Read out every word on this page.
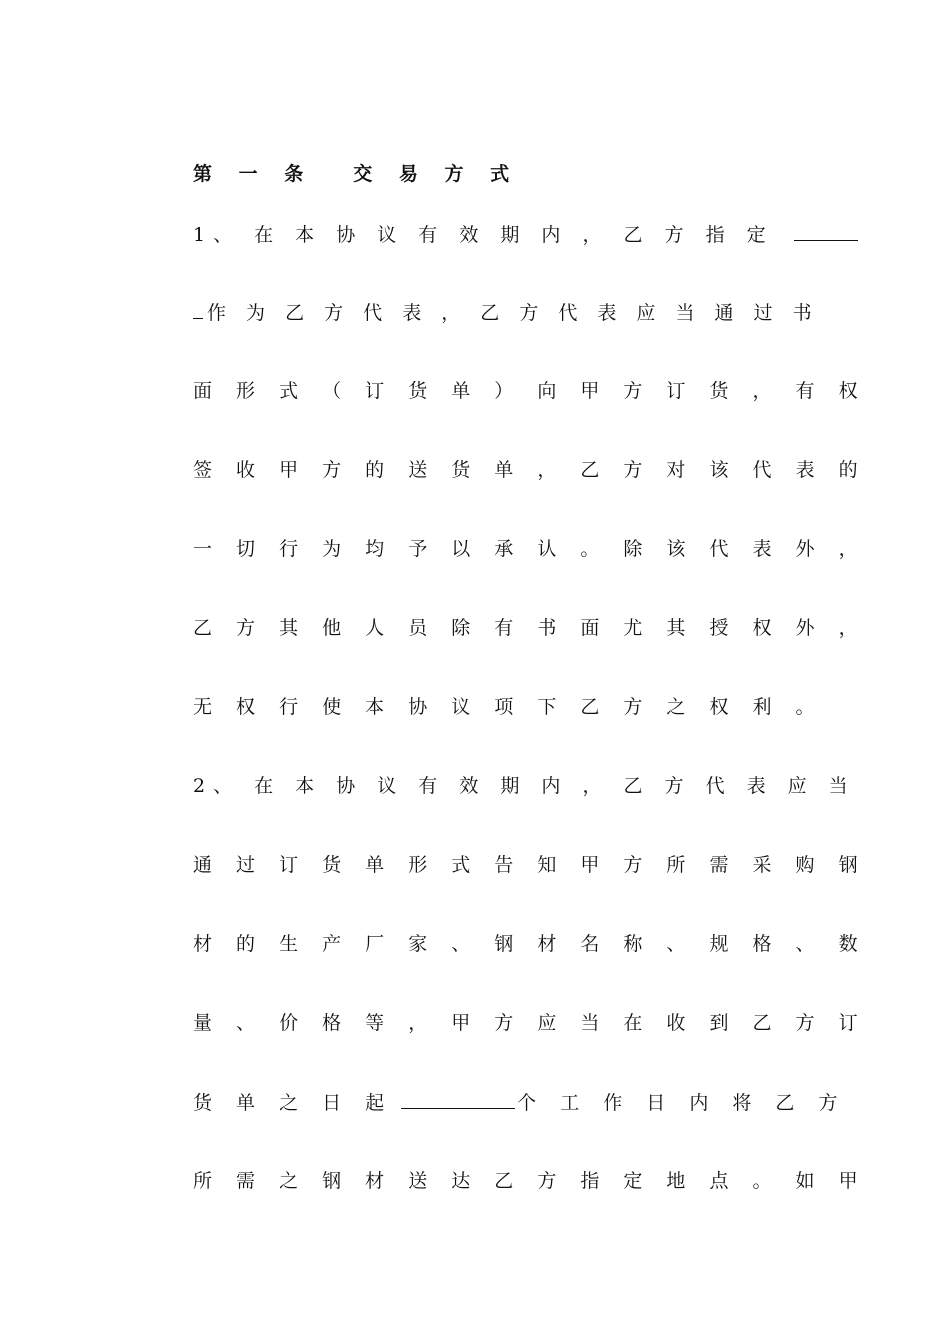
第 一 条 交 易 方 式
1、 在 本 协 议 有 效 期 内 ， 乙 方 指 定
作 为 乙 方 代 表 ， 乙 方 代 表 应 当 通 过 书
面 形 式 （ 订 货 单 ） 向 甲 方 订 货 ， 有 权
签 收 甲 方 的 送 货 单 ， 乙 方 对 该 代 表 的
一 切 行 为 均 予 以 承 认 。 除 该 代 表 外 ，
乙 方 其 他 人 员 除 有 书 面 尤 其 授 权 外 ，
无 权 行 使 本 协 议 项 下 乙 方 之 权 利 。
2、 在 本 协 议 有 效 期 内 ， 乙 方 代 表 应 当
通 过 订 货 单 形 式 告 知 甲 方 所 需 采 购 钢
材 的 生 产 厂 家 、 钢 材 名 称 、 规 格 、 数
量 、 价 格 等 ， 甲 方 应 当 在 收 到 乙 方 订
货 单 之 日 起	个 工 作 日 内 将 乙 方
所 需 之 钢 材 送 达 乙 方 指 定 地 点 。 如 甲
